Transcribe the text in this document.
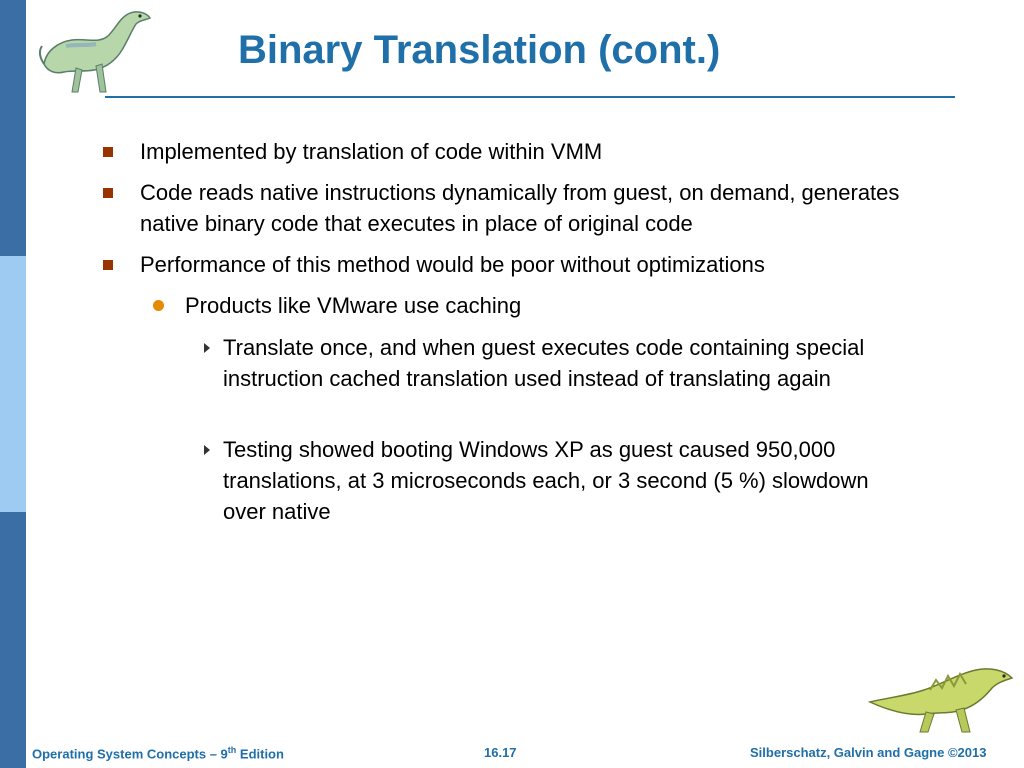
Binary Translation (cont.)
Implemented by translation of code within VMM
Code reads native instructions dynamically from guest, on demand, generates native binary code that executes in place of original code
Performance of this method would be poor without optimizations
Products like VMware use caching
Translate once, and when guest executes code containing special instruction cached translation used instead of translating again
Testing showed booting Windows XP as guest caused 950,000 translations, at 3 microseconds each, or 3 second (5 %) slowdown over native
Operating System Concepts – 9th Edition	16.17	Silberschatz, Galvin and Gagne ©2013
